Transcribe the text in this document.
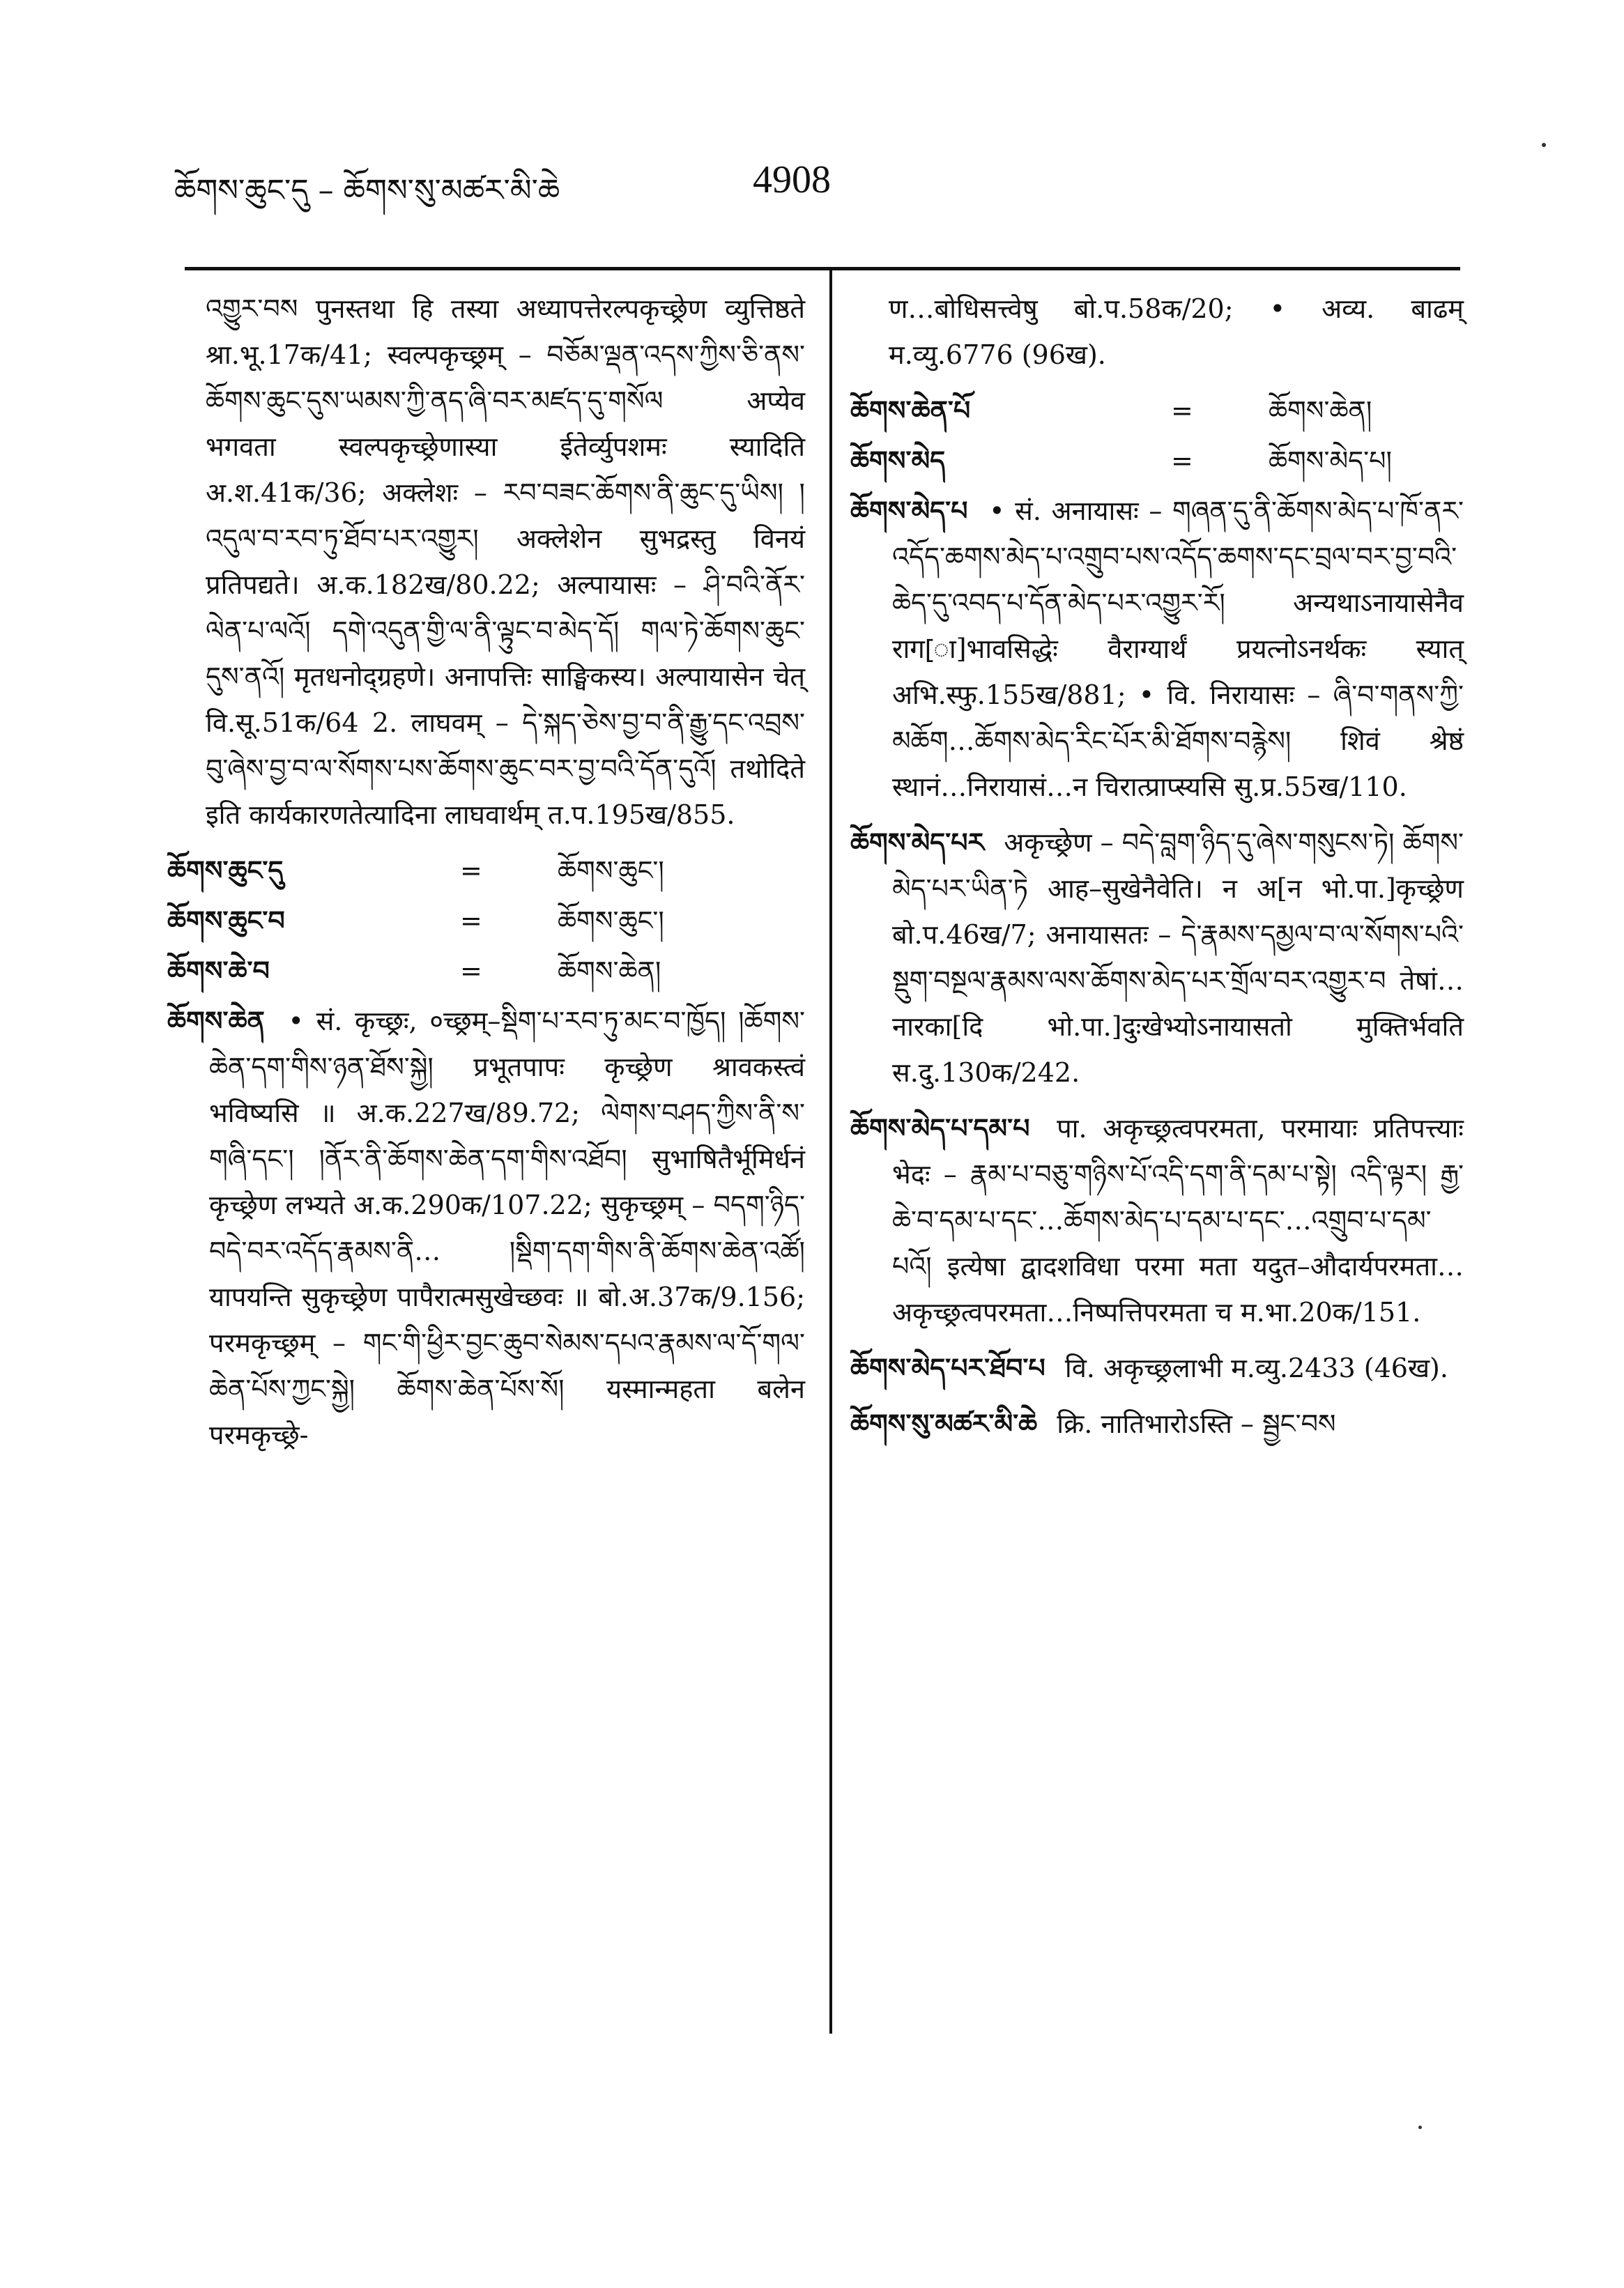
ཆོགས་ཆུང་དུ – ཆོགས་སུ་མཚར་མི་ཆེ	4908
འགྱུར་བས पुनस्तथा हि तस्या अध्यापत्तेरल्पकृच्छ्रेण व्युत्तिष्ठते श्रा.भू.17क/41; स्वल्पकृच्छ्रम् – བཅོམ་ལྡན་འདས་ཀྱིས་ཅི་ནས་ཆོགས་ཆུང་དུས་ཡམས་ཀྱི་ནད་ཞི་བར་མཛད་དུ་གསོལ अप्येव भगवता स्वल्पकृच्छ्रेणास्या ईतेर्व्युपशमः स्यादिति अ.श.41क/36; अक्लेशः – རབ་བཟང་ཆོགས་ནི་ཆུང་དུ་ཡིས། །འདུལ་བ་རབ་ཏུ་ཐོབ་པར་འགྱུར། अक्लेशेन सुभद्रस्तु विनयं प्रतिपद्यते। अ.क.182ख/80.22; अल्पायासः – ཤི་བའི་ནོར་ལེན་པ་ལའོ། དགེ་འདུན་གྱི་ལ་ནི་ལྟུང་བ་མེད་དོ། གལ་ཏེ་ཆོགས་ཆུང་དུས་ནའོ། मृतधनोद्ग्रहणे। अनापत्तिः साङ्घिकस्य। अल्पायासेन चेत् वि.सू.51क/64 2. लाघवम् – དེ་སྐད་ཅེས་བྱ་བ་ནི་རྒྱུ་དང་འབྲས་བུ་ཞེས་བྱ་བ་ལ་སོགས་པས་ཆོགས་ཆུང་བར་བྱ་བའི་དོན་དུའོ། तथोदिते इति कार्यकारणतेत्यादिना लाघवार्थम् त.प.195ख/855.
ཆོགས་ཆུང་དུ	=	ཆོགས་ཆུང་།
ཆོགས་ཆུང་བ	=	ཆོགས་ཆུང་།
ཆོགས་ཆེ་བ	=	ཆོགས་ཆེན།
ཆོགས་ཆེན • सं. कृच्छ्रः, ०च्छ्रम्–སྡིག་པ་རབ་ཏུ་མང་བ་ཁྱོད། །ཆོགས་ཆེན་དག་གིས་ཉན་ཐོས་སྐྱེ། प्रभूतपापः कृच्छ्रेण श्रावकस्त्वं भविष्यसि ॥ अ.क.227ख/89.72; ལེགས་བཤད་ཀྱིས་ནི་ས་གཞི་དང་། །ནོར་ནི་ཆོགས་ཆེན་དག་གིས་འཐོབ། सुभाषितैर्भूमिर्धनं कृच्छ्रेण लभ्यते अ.क.290क/107.22; सुकृच्छ्रम् – བདག་ཉིད་བདེ་བར་འདོད་རྣམས་ནི… །སྡིག་དག་གིས་ནི་ཆོགས་ཆེན་འཚོ། यापयन्ति सुकृच्छ्रेण पापैरात्मसुखेच्छवः ॥ बो.अ.37क/9.156; परमकृच्छ्रम् – གང་གི་ཕྱིར་བྱང་ཆུབ་སེམས་དཔའ་རྣམས་ལ་དོ་གལ་ཆེན་པོས་ཀྱང་སྐྱེ། ཆོགས་ཆེན་པོས་སོ། यस्मान्महता बलेन परमकृच्छ्रे-
ण…बोधिसत्त्वेषु बो.प.58क/20; • अव्य. बाढम् म.व्यु.6776 (96ख).
ཆོགས་ཆེན་པོ	=	ཆོགས་ཆེན།
ཆོགས་མེད	=	ཆོགས་མེད་པ།
ཆོགས་མེད་པ • सं. अनायासः – གཞན་དུ་ནི་ཆོགས་མེད་པ་ཁོ་ནར་འདོད་ཆགས་མེད་པ་འགྲུབ་པས་འདོད་ཆགས་དང་བྲལ་བར་བྱ་བའི་ཆེད་དུ་འབད་པ་དོན་མེད་པར་འགྱུར་རོ། अन्यथाऽनायासेनैव राग[ा]भावसिद्धेः वैराग्यार्थं प्रयत्नोऽनर्थकः स्यात् अभि.स्फु.155ख/881; • वि. निरायासः – ཞི་བ་གནས་ཀྱི་མཆོག…ཆོགས་མེད་རིང་པོར་མི་ཐོགས་བརྙེས། शिवं श्रेष्ठं स्थानं…निरायासं…न चिरात्प्राप्स्यसि सु.प्र.55ख/110.
ཆོགས་མེད་པར अकृच्छ्रेण – བདེ་བླག་ཉིད་དུ་ཞེས་གསུངས་ཏེ། ཆོགས་མེད་པར་ཡིན་ཏེ आह–सुखेनैवेति। न अ[न भो.पा.]कृच्छ्रेण बो.प.46ख/7; अनायासतः – དེ་རྣམས་དམྱལ་བ་ལ་སོགས་པའི་སྡུག་བསྔལ་རྣམས་ལས་ཆོགས་མེད་པར་གྲོལ་བར་འགྱུར་བ तेषां…नारका[दि भो.पा.]दुःखेभ्योऽनायासतो मुक्तिर्भवति स.दु.130क/242.
ཆོགས་མེད་པ་དམ་པ पा. अकृच्छ्रत्वपरमता, परमायाः प्रतिपत्त्याः भेदः – རྣམ་པ་བཅུ་གཉིས་པོ་འདི་དག་ནི་དམ་པ་སྟེ། འདི་ལྟར། རྒྱ་ཆེ་བ་དམ་པ་དང་…ཆོགས་མེད་པ་དམ་པ་དང་…འགྲུབ་པ་དམ་པའོ། इत्येषा द्वादशविधा परमा मता यदुत–औदार्यपरमता…अकृच्छ्रत्वपरमता…निष्पत्तिपरमता च म.भा.20क/151.
ཆོགས་མེད་པར་ཐོབ་པ वि. अकृच्छ्रलाभी म.व्यु.2433 (46ख).
ཆོགས་སུ་མཚར་མི་ཆེ क्रि. नातिभारोऽस्ति – སྦྱང་བས
